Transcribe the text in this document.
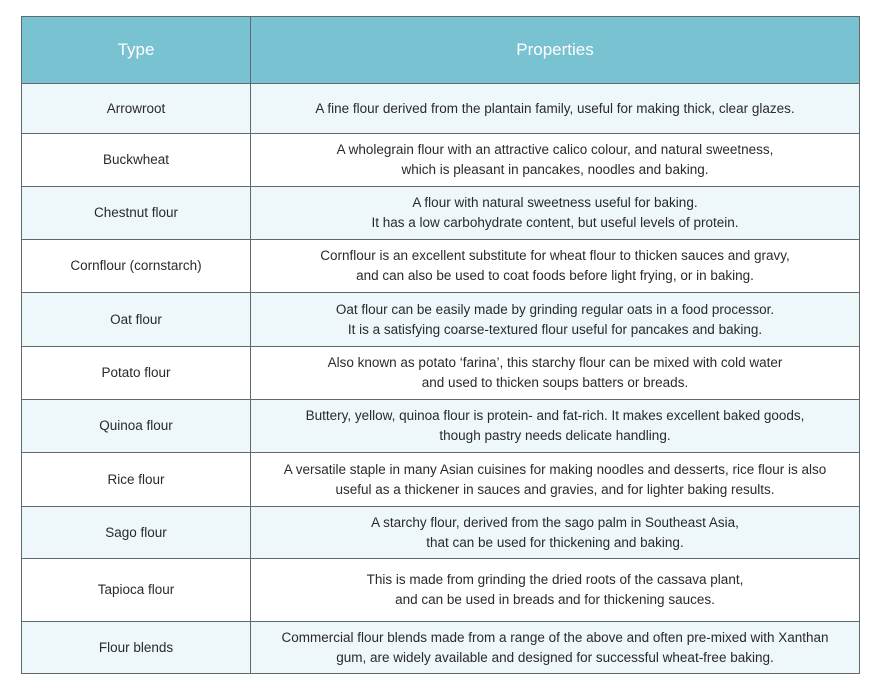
Type	Properties
Arrowroot	A fine flour derived from the plantain family, useful for making thick, clear glazes.

Buckwheat	A wholegrain flour with an attractive calico colour, and natural sweetness,
which is pleasant in pancakes, noodles and baking.

Chestnut flour	A flour with natural sweetness useful for baking.
It has a low carbohydrate content, but useful levels of protein.

Cornflour (cornstarch)	Cornflour is an excellent substitute for wheat flour to thicken sauces and gravy,
and can also be used to coat foods before light frying, or in baking.

Oat flour	Oat flour can be easily made by grinding regular oats in a food processor.
It is a satisfying coarse-textured flour useful for pancakes and baking.

Potato flour	Also known as potato ‘farina’, this starchy flour can be mixed with cold water
and used to thicken soups batters or breads.

Quinoa flour	Buttery, yellow, quinoa flour is protein- and fat-rich. It makes excellent baked goods,
though pastry needs delicate handling.

Rice flour	A versatile staple in many Asian cuisines for making noodles and desserts, rice flour is also
useful as a thickener in sauces and gravies, and for lighter baking results.

Sago flour	A starchy flour, derived from the sago palm in Southeast Asia,
that can be used for thickening and baking.

Tapioca flour	This is made from grinding the dried roots of the cassava plant,
and can be used in breads and for thickening sauces.

Flour blends	Commercial flour blends made from a range of the above and often pre-mixed with Xanthan
gum, are widely available and designed for successful wheat-free baking.
